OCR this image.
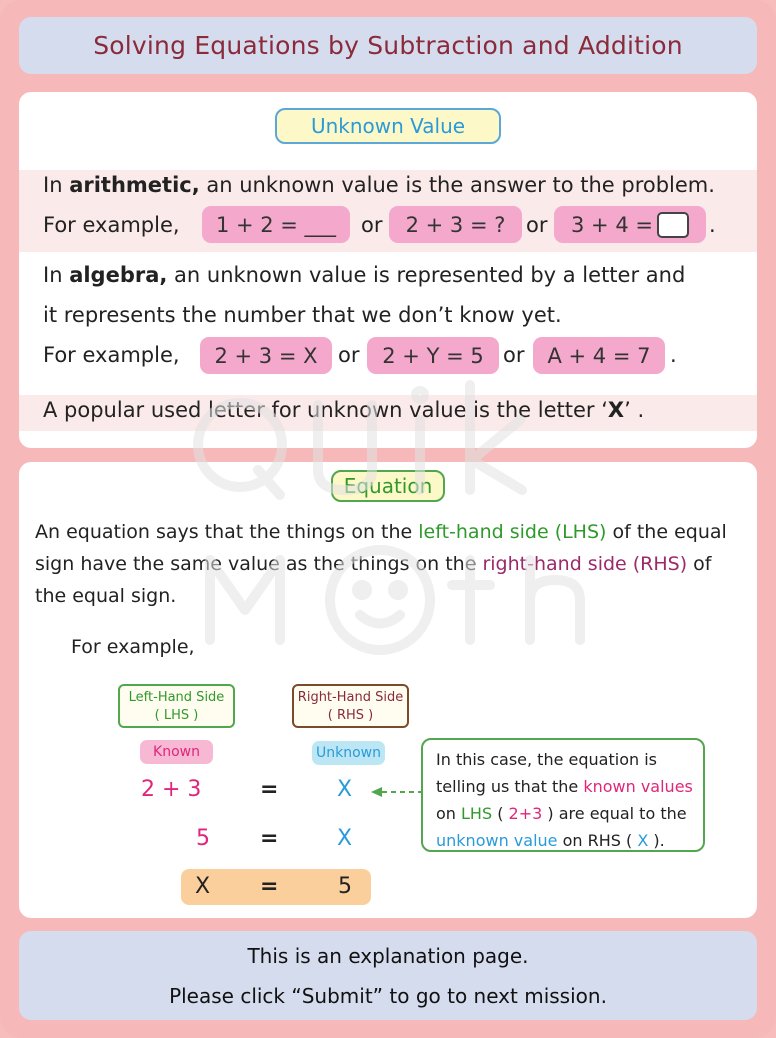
Solving Equations by Subtraction and Addition
Unknown Value
In arithmetic, an unknown value is the answer to the problem.
For example,	1 + 2 = ___	or	2 + 3 = ? or 3 + 4 =	.
In algebra, an unknown value is represented by a letter and
it represents the number that we don’t know yet.
For example,	2 + 3 = X or	2 + Y = 5 or	A + 4 = 7 .
A popular used letter for unknown value is the letter ‘X’ .
Equation
An equation says that the things on the left-hand side (LHS) of the equal
sign have the same value as the things on the right-hand side (RHS) of
the equal sign.
For example,
Left-Hand Side
( LHS )
Right-Hand Side
( RHS )
Known	Unknown
2 + 3	=	X
5 =	X
X =	5
In this case, the equation is
telling us that the known values
on LHS ( 2+3 ) are equal to the
unknown value on RHS ( X ).
This is an explanation page.
Please click “Submit” to go to next mission.
